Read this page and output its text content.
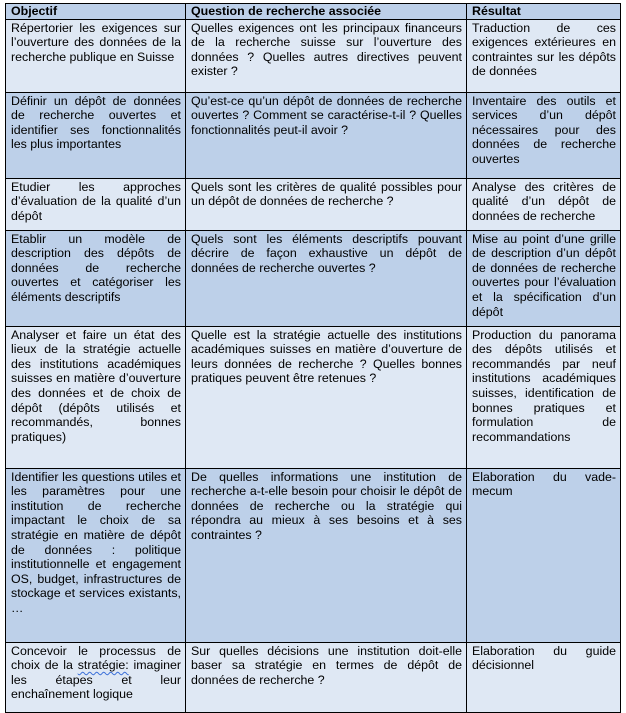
Objectif	Question de recherche associée	Résultat
Répertorier les exigences sur l’ouverture des données de la recherche publique en Suisse	Quelles exigences ont les principaux financeurs de la recherche suisse sur l’ouverture des données ? Quelles autres directives peuvent exister ?	Traduction de ces exigences extérieures en contraintes sur les dépôts de données
Définir un dépôt de données de recherche ouvertes et identifier ses fonctionnalités les plus importantes	Qu’est-ce qu’un dépôt de données de recherche ouvertes ? Comment se caractérise-t-il ? Quelles fonctionnalités peut-il avoir ?	Inventaire des outils et services d’un dépôt nécessaires pour des données de recherche ouvertes
Etudier les approches d’évaluation de la qualité d’un dépôt	Quels sont les critères de qualité possibles pour un dépôt de données de recherche ?	Analyse des critères de qualité d’un dépôt de données de recherche
Etablir un modèle de description des dépôts de données de recherche ouvertes et catégoriser les éléments descriptifs	Quels sont les éléments descriptifs pouvant décrire de façon exhaustive un dépôt de données de recherche ouvertes ?	Mise au point d’une grille de description d’un dépôt de données de recherche ouvertes pour l’évaluation et la spécification d’un dépôt
Analyser et faire un état des lieux de la stratégie actuelle des institutions académiques suisses en matière d’ouverture des données et de choix de dépôt (dépôts utilisés et recommandés, bonnes pratiques)	Quelle est la stratégie actuelle des institutions académiques suisses en matière d’ouverture de leurs données de recherche ? Quelles bonnes pratiques peuvent être retenues ?	Production du panorama des dépôts utilisés et recommandés par neuf institutions académiques suisses, identification de bonnes pratiques et formulation de recommandations
Identifier les questions utiles et les paramètres pour une institution de recherche impactant le choix de sa stratégie en matière de dépôt de données : politique institutionnelle et engagement OS, budget, infrastructures de stockage et services existants, …	De quelles informations une institution de recherche a-t-elle besoin pour choisir le dépôt de données de recherche ou la stratégie qui répondra au mieux à ses besoins et à ses contraintes ?	Elaboration du vade-mecum
Concevoir le processus de choix de la stratégie: imaginer les étapes et leur enchaînement logique	Sur quelles décisions une institution doit-elle baser sa stratégie en termes de dépôt de données de recherche ?	Elaboration du guide décisionnel
